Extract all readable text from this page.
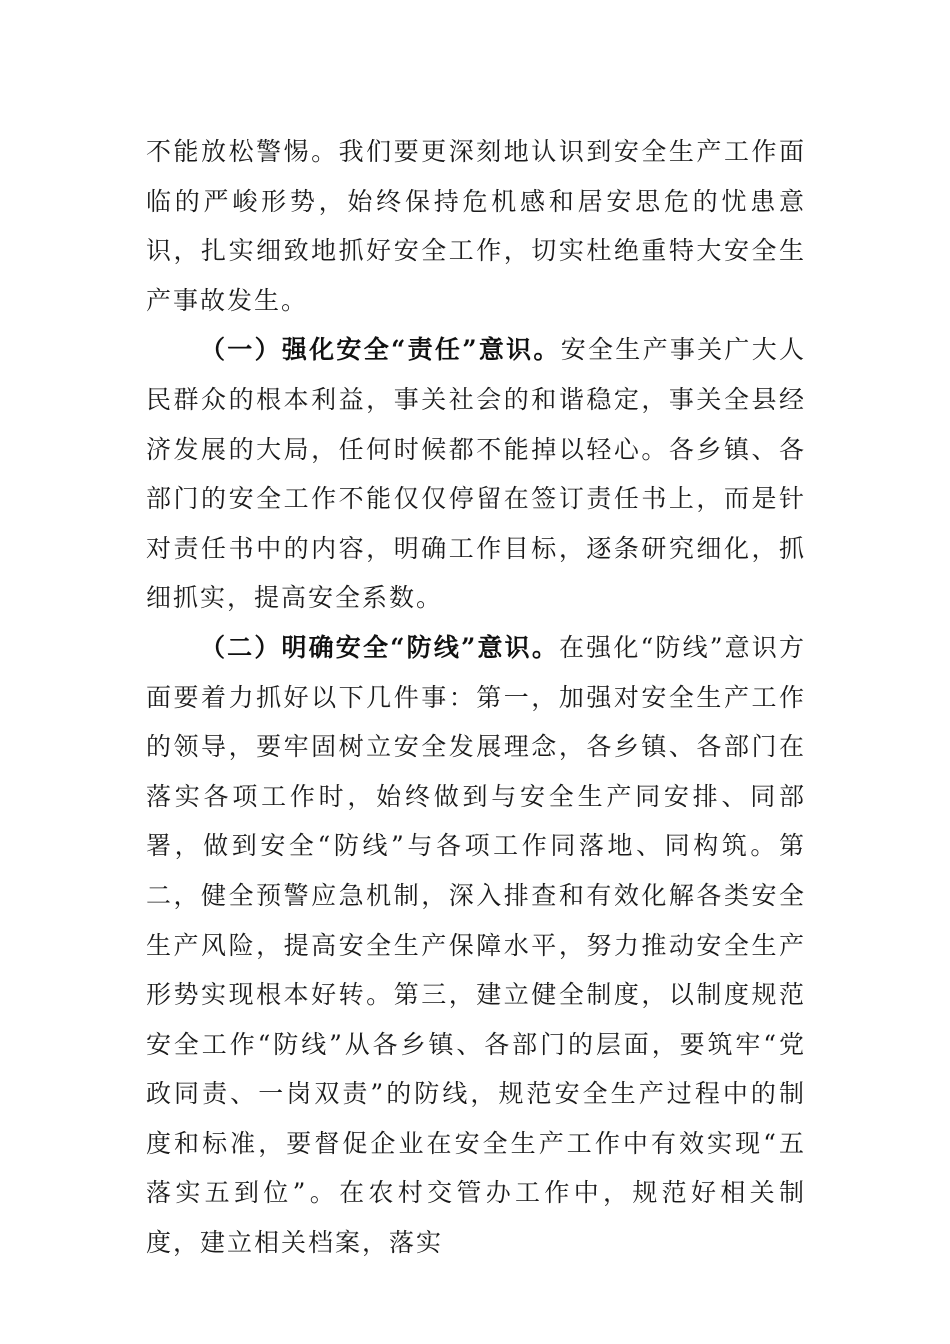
不能放松警惕。我们要更深刻地认识到安全生产工作面临的严峻形势，始终保持危机感和居安思危的忧患意识，扎实细致地抓好安全工作，切实杜绝重特大安全生产事故发生。

（一）强化安全“责任”意识。安全生产事关广大人民群众的根本利益，事关社会的和谐稳定，事关全县经济发展的大局，任何时候都不能掉以轻心。各乡镇、各部门的安全工作不能仅仅停留在签订责任书上，而是针对责任书中的内容，明确工作目标，逐条研究细化，抓细抓实，提高安全系数。

（二）明确安全“防线”意识。在强化“防线”意识方面要着力抓好以下几件事：第一，加强对安全生产工作的领导，要牢固树立安全发展理念，各乡镇、各部门在落实各项工作时，始终做到与安全生产同安排、同部署，做到安全“防线”与各项工作同落地、同构筑。第二，健全预警应急机制，深入排查和有效化解各类安全生产风险，提高安全生产保障水平，努力推动安全生产形势实现根本好转。第三，建立健全制度，以制度规范安全工作“防线”从各乡镇、各部门的层面，要筑牢“党政同责、一岗双责”的防线，规范安全生产过程中的制度和标准，要督促企业在安全生产工作中有效实现“五落实五到位”。在农村交管办工作中，规范好相关制度，建立相关档案，落实
